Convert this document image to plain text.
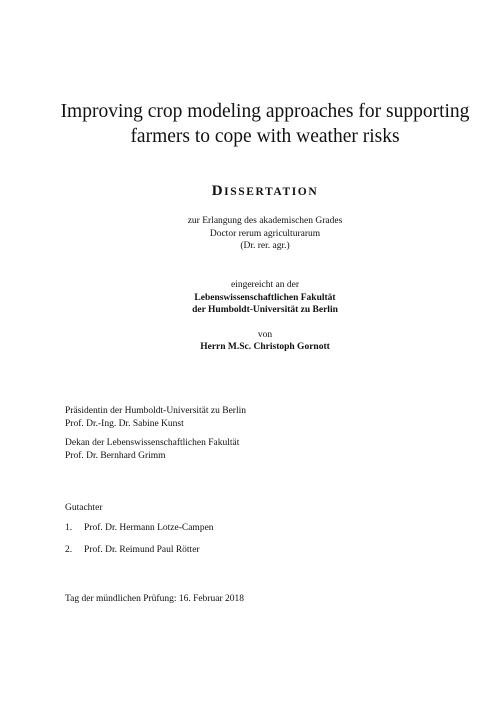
Improving crop modeling approaches for supporting
farmers to cope with weather risks
DISSERTATION
zur Erlangung des akademischen Grades
Doctor rerum agriculturarum
(Dr. rer. agr.)
eingereicht an der
Lebenswissenschaftlichen Fakultät
der Humboldt-Universität zu Berlin
von
Herrn M.Sc. Christoph Gornott
Präsidentin der Humboldt-Universität zu Berlin
Prof. Dr.-Ing. Dr. Sabine Kunst
Dekan der Lebenswissenschaftlichen Fakultät
Prof. Dr. Bernhard Grimm
Gutachter
1. Prof. Dr. Hermann Lotze-Campen
2. Prof. Dr. Reimund Paul Rötter
Tag der mündlichen Prüfung: 16. Februar 2018
